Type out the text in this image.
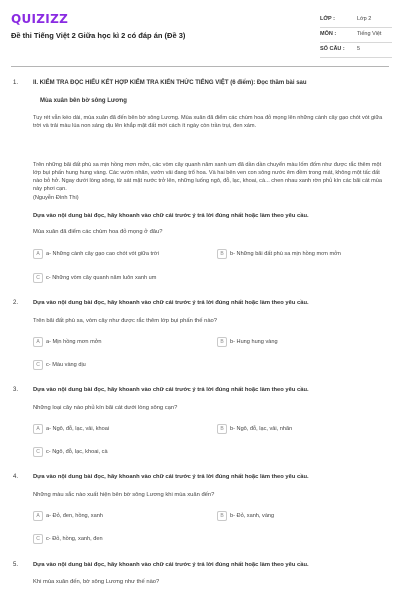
QUIZIZZ
Đề thi Tiếng Việt 2 Giữa học kì 2 có đáp án (Đề 3)
LỚP :	Lớp 2
MÔN :	Tiếng Việt
SỐ CÂU : 5
1. II. KIỂM TRA ĐỌC HIỂU KẾT HỢP KIỂM TRA KIẾN THỨC TIẾNG VIỆT (6 điểm): Đọc thầm bài sau
Mùa xuân bên bờ sông Lương
Tuy rét vẫn kéo dài, mùa xuân đã đến bên bờ sông Lương. Mùa xuân đã điểm các chùm hoa đỏ mọng lên những cành cây gạo chót vót giữa trời và trải màu lúa non sáng dịu lên khắp mặt đất mới cách ít ngày còn trần trụi, đen xám.
Trên những bãi đất phù sa mịn hồng mơn mởn, các vòm cây quanh năm xanh um đã dần dần chuyển màu lốm đốm như được rắc thêm một lớp bụi phấn hung hung vàng. Các vườn nhãn, vườn vải đang trổ hoa. Và hai bên ven con sông nước êm đềm trong mát, không một tấc đất nào bỏ hở. Ngay dưới lòng sông, từ sát mặt nước trở lên, những luống ngô, đỗ, lạc, khoai, cà... chen nhau xanh rờn phủ kín các bãi cát mùa này phơi cạn.
(Nguyễn Đình Thi)
Dựa vào nội dung bài đọc, hãy khoanh vào chữ cái trước ý trả lời đúng nhất hoặc làm theo yêu cầu.
Mùa xuân đã điểm các chùm hoa đỏ mọng ở đâu?
A	a- Những cành cây gạo cao chót vót giữa trời	B	b- Những bãi đất phù sa mịn hồng mơn mởn
C	c- Những vòm cây quanh năm luôn xanh um
2.	Dựa vào nội dung bài đọc, hãy khoanh vào chữ cái trước ý trả lời đúng nhất hoặc làm theo yêu cầu.
Trên bãi đất phù sa, vòm cây như được rắc thêm lớp bụi phấn thế nào?
A	a- Mịn hồng mơn mởn	B	b- Hung hung vàng
C	c- Màu vàng dịu
3.	Dựa vào nội dung bài đọc, hãy khoanh vào chữ cái trước ý trả lời đúng nhất hoặc làm theo yêu cầu.
Những loại cây nào phủ kín bãi cát dưới lòng sông cạn?
A	a- Ngô, đỗ, lạc, vải, khoai	B	b- Ngô, đỗ, lạc, vải, nhãn
C	c- Ngô, đỗ, lạc, khoai, cà
4.	Dựa vào nội dung bài đọc, hãy khoanh vào chữ cái trước ý trả lời đúng nhất hoặc làm theo yêu cầu.
Những màu sắc nào xuất hiện bên bờ sông Lương khi mùa xuân đến?
A	a- Đỏ, đen, hồng, xanh	B	b- Đỏ, xanh, vàng
C	c- Đỏ, hồng, xanh, đen
5.	Dựa vào nội dung bài đọc, hãy khoanh vào chữ cái trước ý trả lời đúng nhất hoặc làm theo yêu cầu.
Khi mùa xuân đến, bờ sông Lương như thế nào?
